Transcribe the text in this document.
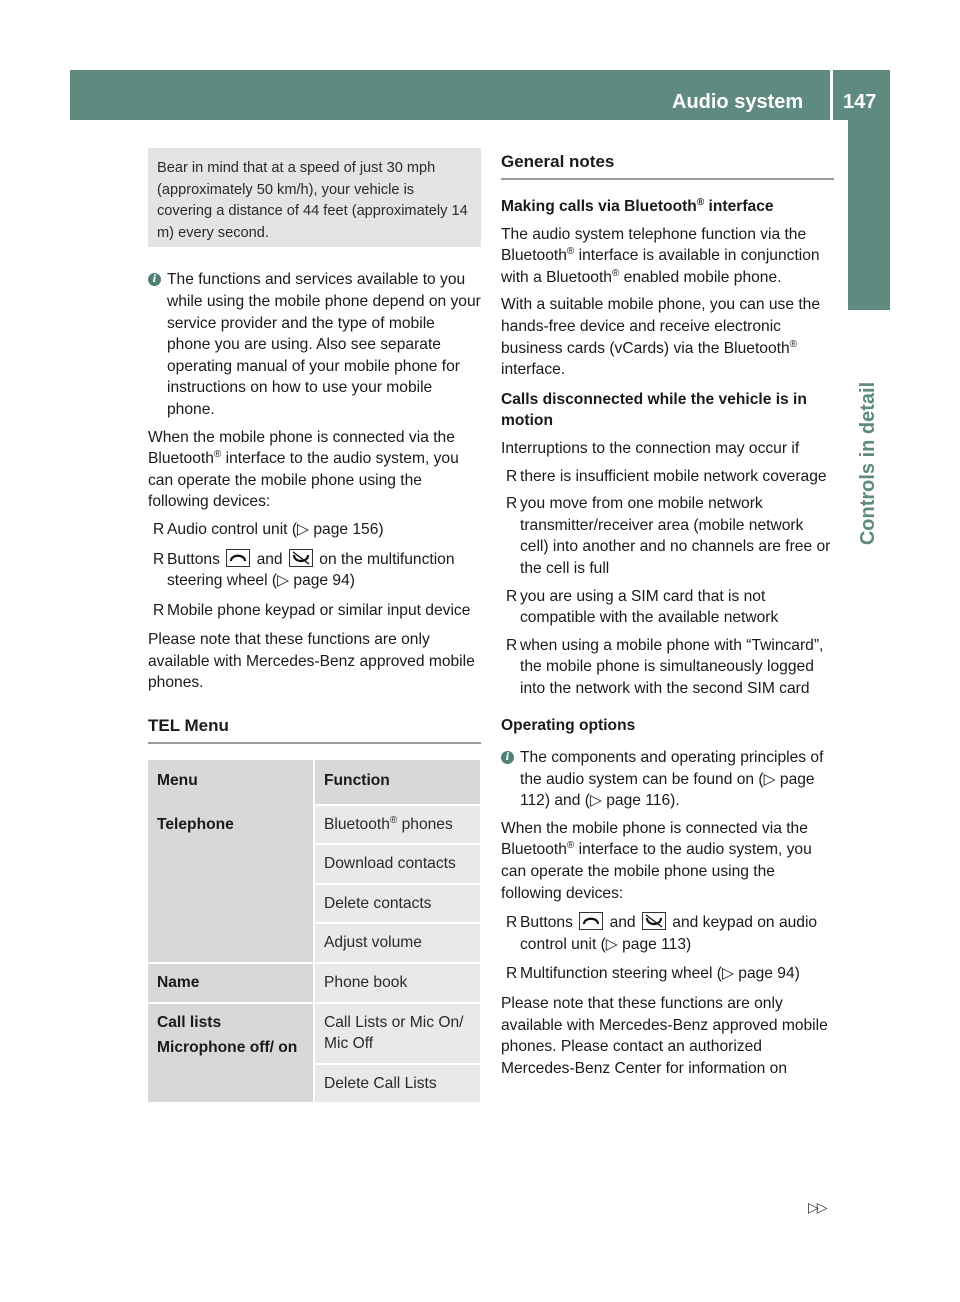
Audio system 147
Controls in detail
Bear in mind that at a speed of just 30 mph (approximately 50 km/h), your vehicle is covering a distance of 44 feet (approximately 14 m) every second.
i The functions and services available to you while using the mobile phone depend on your service provider and the type of mobile phone you are using. Also see separate operating manual of your mobile phone for instructions on how to use your mobile phone.

When the mobile phone is connected via the Bluetooth® interface to the audio system, you can operate the mobile phone using the following devices:

R Audio control unit (▷ page 156)
R Buttons and on the multifunction steering wheel (▷ page 94)
R Mobile phone keypad or similar input device

Please note that these functions are only available with Mercedes-Benz approved mobile phones.

TEL Menu
Menu	Function
Telephone	Bluetooth® phones
	Download contacts
	Delete contacts
	Adjust volume
Name	Phone book

Call lists
Microphone off/ on	Call Lists or Mic On/ Mic Off
	Delete Call Lists
General notes
Making calls via Bluetooth® interface

The audio system telephone function via the Bluetooth® interface is available in conjunction with a Bluetooth® enabled mobile phone.

With a suitable mobile phone, you can use the hands-free device and receive electronic business cards (vCards) via the Bluetooth® interface.

Calls disconnected while the vehicle is in motion

Interruptions to the connection may occur if

R there is insufficient mobile network coverage
R you move from one mobile network transmitter/receiver area (mobile network cell) into another and no channels are free or the cell is full
R you are using a SIM card that is not compatible with the available network
R when using a mobile phone with “Twincard”, the mobile phone is simultaneously logged into the network with the second SIM card
Operating options
i The components and operating principles of the audio system can be found on (▷ page 112) and (▷ page 116).

When the mobile phone is connected via the Bluetooth® interface to the audio system, you can operate the mobile phone using the following devices:

R Buttons and and keypad on audio control unit (▷ page 113)
R Multifunction steering wheel (▷ page 94)

Please note that these functions are only available with Mercedes-Benz approved mobile phones. Please contact an authorized Mercedes-Benz Center for information on

▷▷
